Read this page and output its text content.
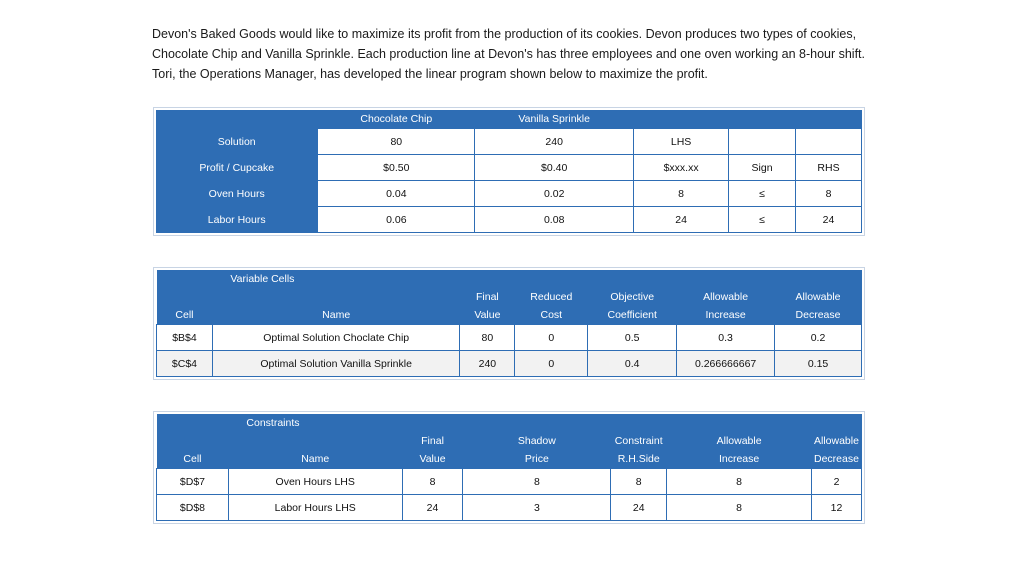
Devon's Baked Goods would like to maximize its profit from the production of its cookies. Devon produces two types of cookies, Chocolate Chip and Vanilla Sprinkle. Each production line at Devon's has three employees and one oven working an 8-hour shift. Tori, the Operations Manager, has developed the linear program shown below to maximize the profit.

	Chocolate Chip	Vanilla Sprinkle			
Solution	80	240	LHS		
Profit / Cupcake	$0.50	$0.40	$xxx.xx	Sign	RHS
Oven Hours	0.04	0.02	8	≤	8
Labor Hours	0.06	0.08	24	≤	24
	Variable Cells					
		Final	Reduced	Objective	Allowable	Allowable
Cell	Name	Value	Cost	Coefficient	Increase	Decrease
$B$4	Optimal Solution Choclate Chip	80	0	0.5	0.3	0.2
$C$4	Optimal Solution Vanilla Sprinkle	240	0	0.4	0.266666667	0.15
	Constraints					
		Final	Shadow	Constraint	Allowable	Allowable
Cell	Name	Value	Price	R.H.Side	Increase	Decrease
$D$7	Oven Hours LHS	8	8	8	8	2
$D$8	Labor Hours LHS	24	3	24	8	12
